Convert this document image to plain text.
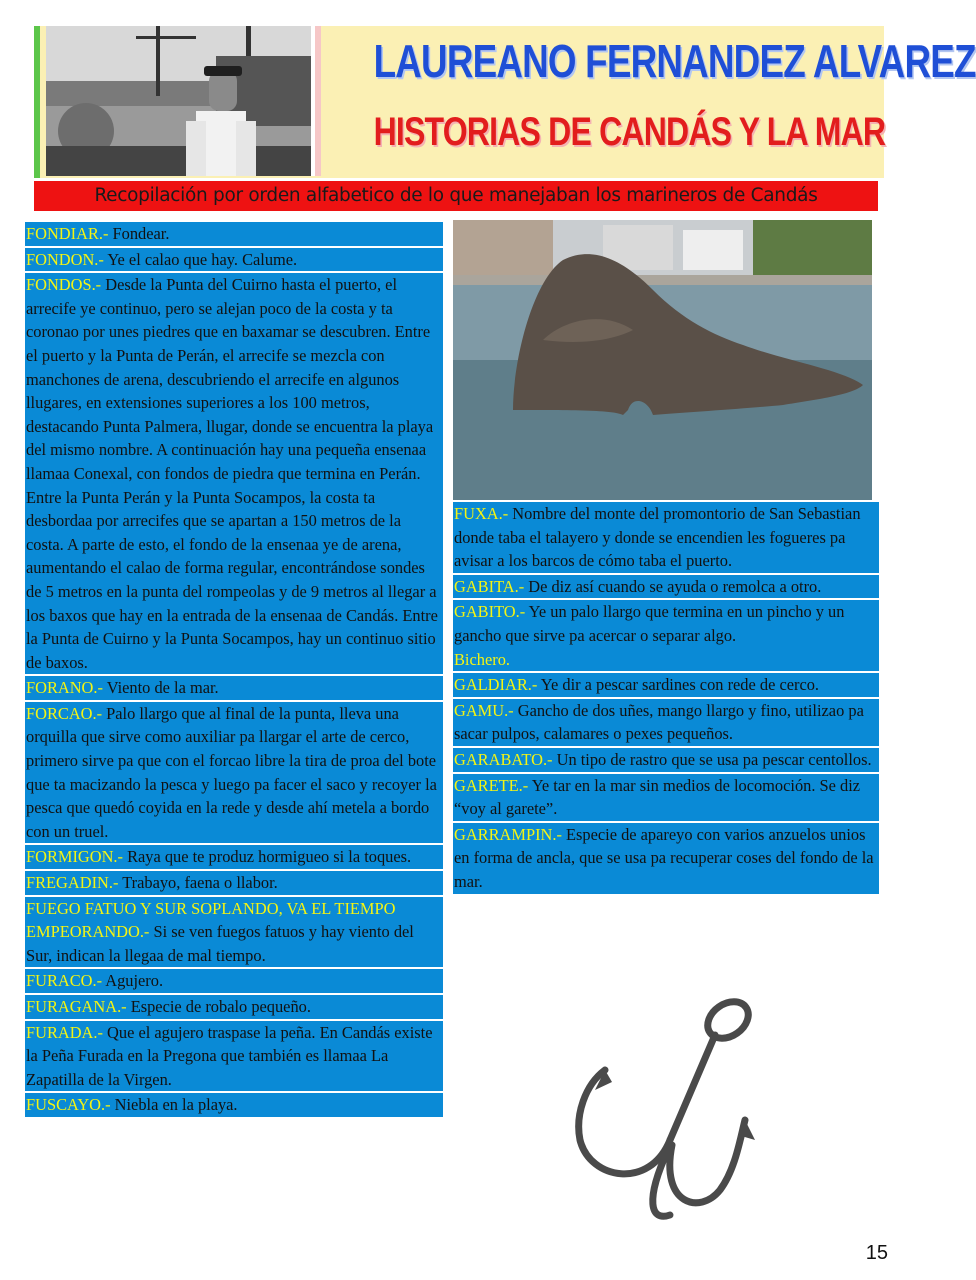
LAUREANO FERNANDEZ ALVAREZ
HISTORIAS DE CANDÁS Y LA MAR
Recopilación por orden alfabetico de lo que manejaban los marineros de Candás
FONDIAR.- Fondear.
FONDON.- Ye el calao que hay. Calume.
FONDOS.- Desde la Punta del Cuirno hasta el puerto, el arrecife ye continuo, pero se alejan poco de la costa y ta coronao por unes piedres que en baxamar se descubren. Entre el puerto y la Punta de Perán, el arrecife se mezcla con manchones de arena, descubriendo el arrecife en algunos llugares, en extensiones superiores a los 100 metros, destacando Punta Palmera, llugar, donde se encuentra la playa del mismo nombre. A continuación hay una pequeña ensenaa llamaa Conexal, con fondos de piedra que termina en Perán. Entre la Punta Perán y la Punta Socampos, la costa ta desbordaa por arrecifes que se apartan a 150 metros de la costa. A parte de esto, el fondo de la ensenaa ye de arena, aumentando el calao de forma regular, encontrándose sondes de 5 metros en la punta del rompeolas y de 9 metros al llegar a los baxos que hay en la entrada de la ensenaa de Candás. Entre la Punta de Cuirno y la Punta Socampos, hay un continuo sitio de baxos.
FORANO.- Viento de la mar.
FORCAO.- Palo llargo que al final de la punta, lleva una orquilla que sirve como auxiliar pa llargar el arte de cerco, primero sirve pa que con el forcao libre la tira de proa del bote que ta macizando la pesca y luego pa facer el saco y recoyer la pesca que quedó coyida en la rede y desde ahí metela a bordo con un truel.
FORMIGON.- Raya que te produz hormigueo si la toques.
FREGADIN.- Trabayo, faena o llabor.
FUEGO FATUO Y SUR SOPLANDO, VA EL TIEMPO EMPEORANDO.- Si se ven fuegos fatuos y hay viento del Sur, indican la llegaa de mal tiempo.
FURACO.- Agujero.
FURAGANA.- Especie de robalo pequeño.
FURADA.- Que el agujero traspase la peña. En Candás existe la Peña Furada en la Pregona que también es llamaa La Zapatilla de la Virgen.
FUSCAYO.- Niebla en la playa.
FUXA.- Nombre del monte del promontorio de San Sebastian donde taba el talayero y donde se encendien les fogueres pa avisar a los barcos de cómo taba el puerto.
GABITA.- De diz así cuando se ayuda o remolca a otro.
GABITO.- Ye un palo llargo que termina en un pincho y un gancho que sirve pa acercar o separar algo.
Bichero.
GALDIAR.- Ye dir a pescar sardines con rede de cerco.
GAMU.- Gancho de dos uñes, mango llargo y fino, utilizao pa sacar pulpos, calamares o pexes pequeños.
GARABATO.- Un tipo de rastro que se usa pa pescar centollos.
GARETE.- Ye tar en la mar sin medios de locomoción. Se diz “voy al garete”.
GARRAMPIN.- Especie de apareyo con varios anzuelos unios en forma de ancla, que se usa pa recuperar coses del fondo de la mar.
15
